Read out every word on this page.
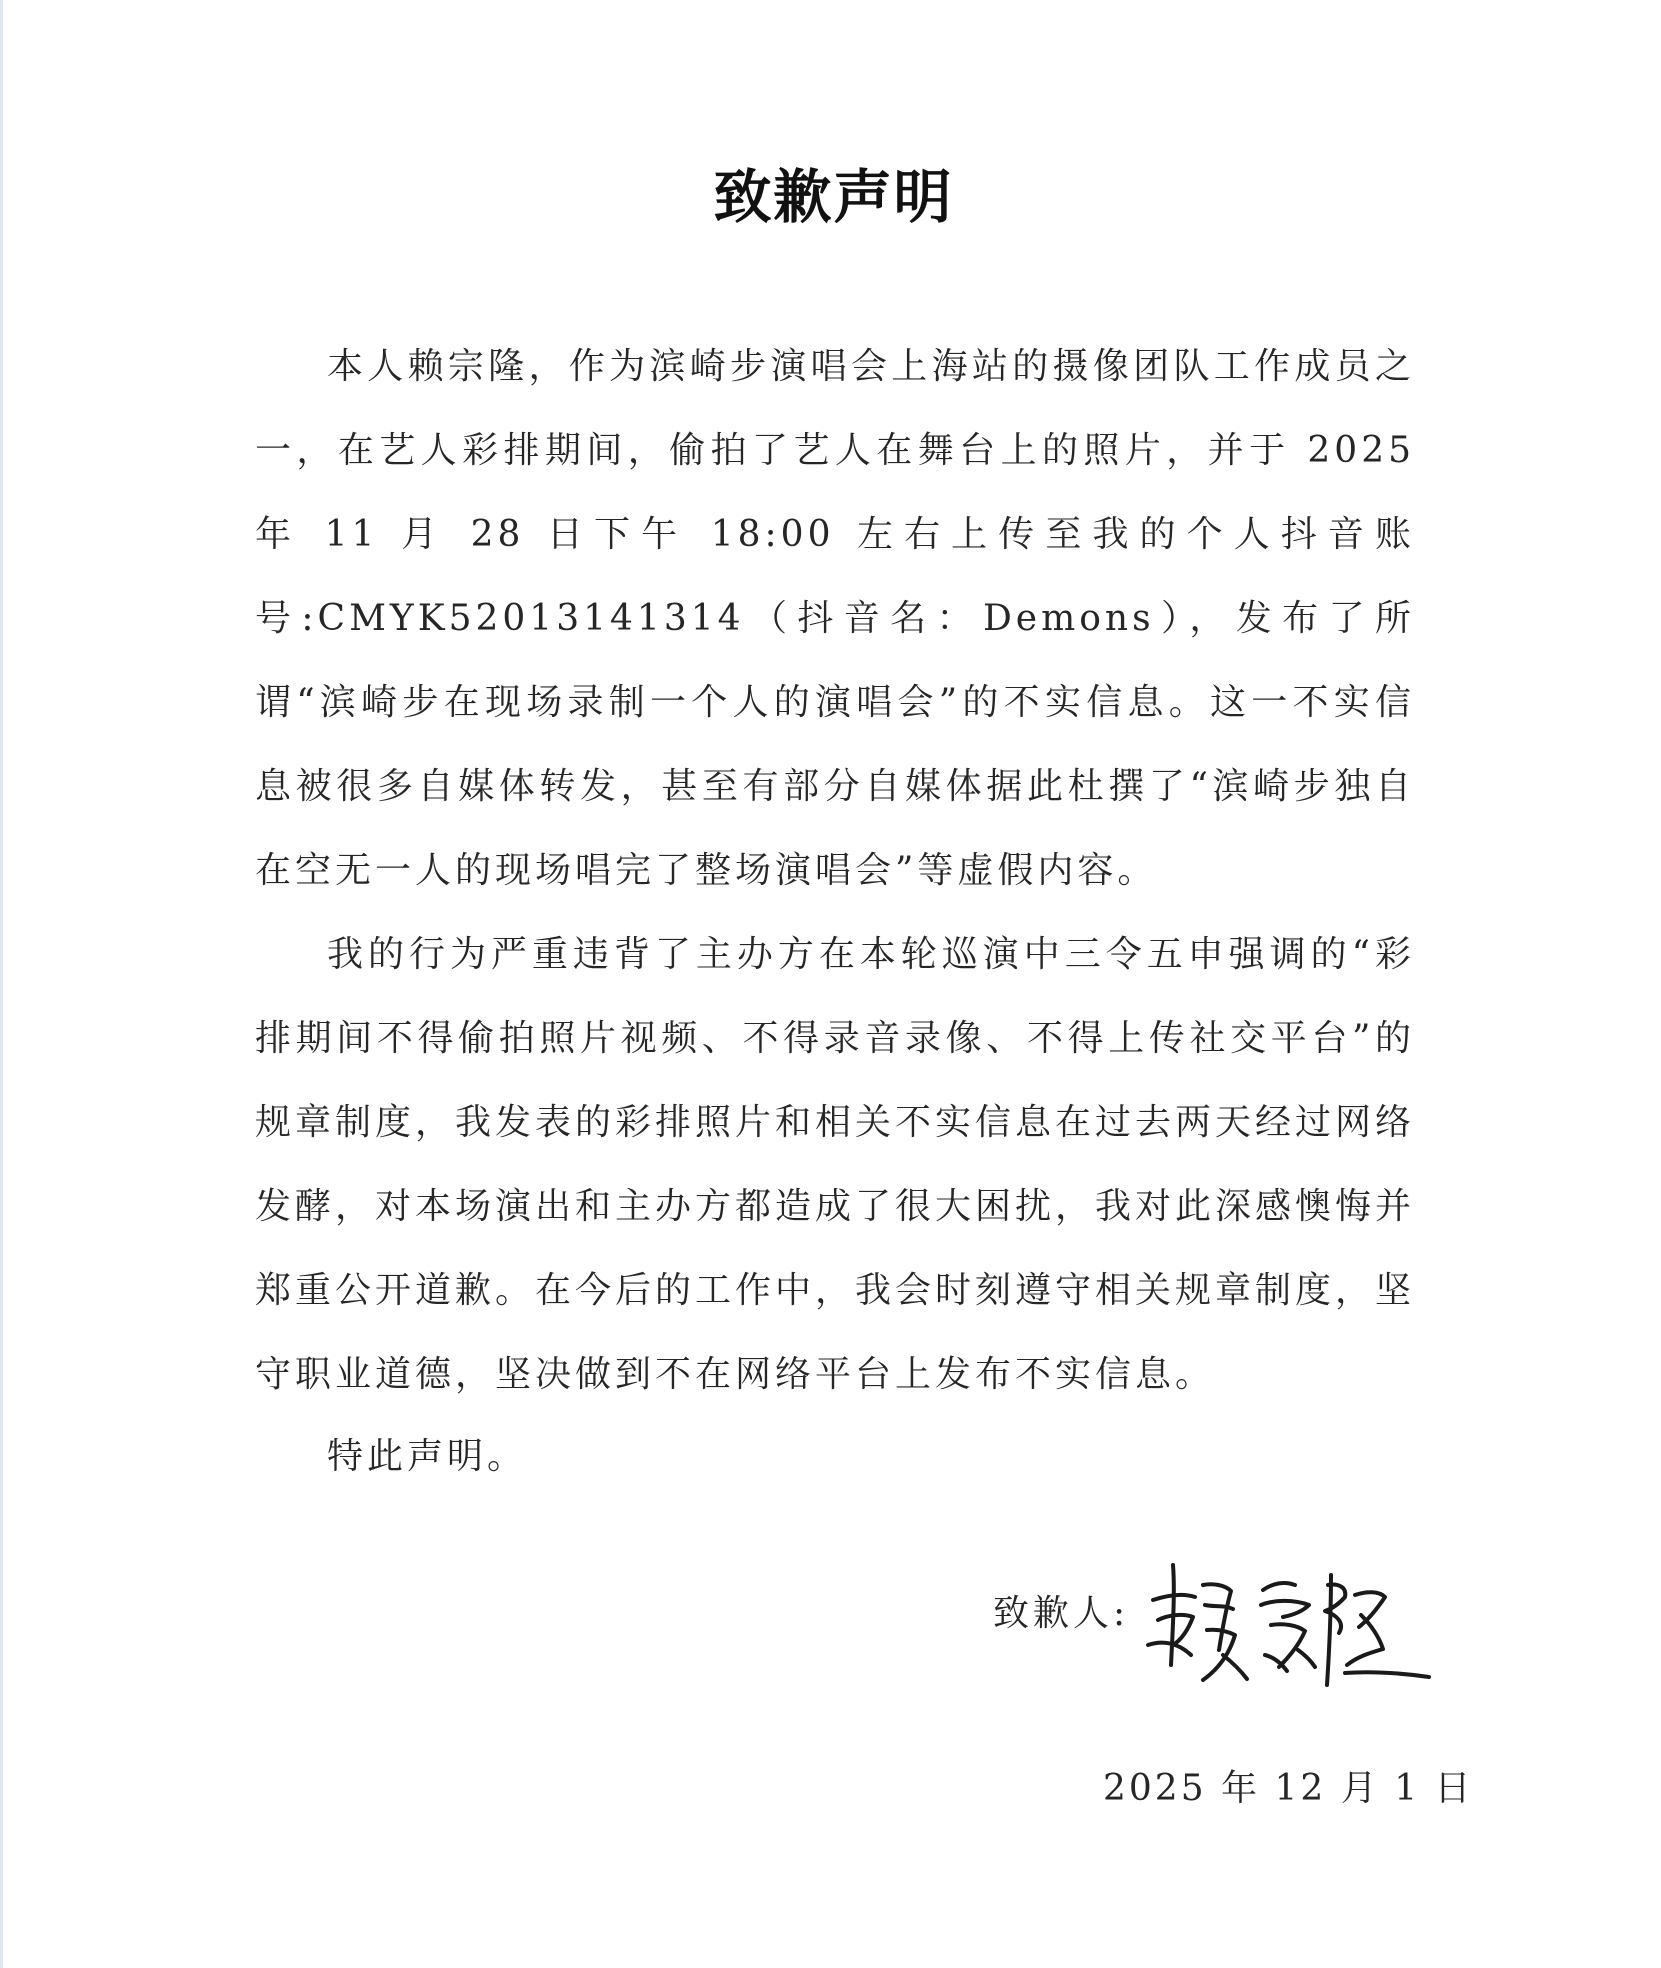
致歉声明

本人赖宗隆，作为滨崎步演唱会上海站的摄像团队工作成员之一，在艺人彩排期间，偷拍了艺人在舞台上的照片，并于 2025 年 11 月 28 日下午 18:00 左右上传至我的个人抖音账号:CMYK52013141314（抖音名：Demons），发布了所谓“滨崎步在现场录制一个人的演唱会”的不实信息。这一不实信息被很多自媒体转发，甚至有部分自媒体据此杜撰了“滨崎步独自在空无一人的现场唱完了整场演唱会”等虚假内容。

我的行为严重违背了主办方在本轮巡演中三令五申强调的“彩排期间不得偷拍照片视频、不得录音录像、不得上传社交平台”的规章制度，我发表的彩排照片和相关不实信息在过去两天经过网络发酵，对本场演出和主办方都造成了很大困扰，我对此深感懊悔并郑重公开道歉。在今后的工作中，我会时刻遵守相关规章制度，坚守职业道德，坚决做到不在网络平台上发布不实信息。

特此声明。
致歉人:
2025 年 12 月 1 日
